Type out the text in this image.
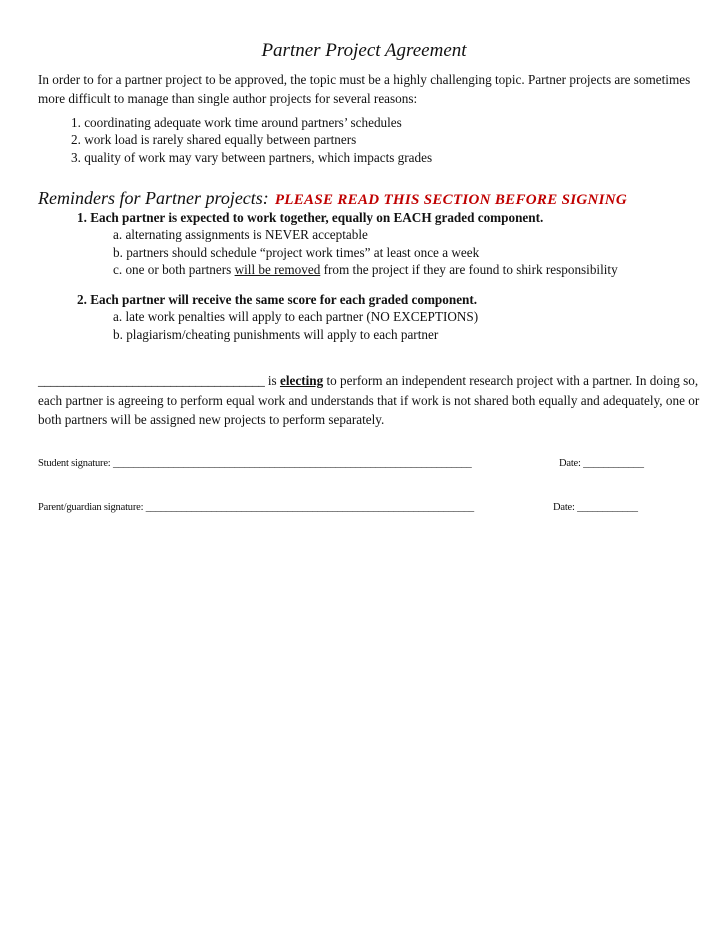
Partner Project Agreement
In order to for a partner project to be approved, the topic must be a highly challenging topic. Partner projects are sometimes more difficult to manage than single author projects for several reasons:
1. coordinating adequate work time around partners’ schedules
2. work load is rarely shared equally between partners
3. quality of work may vary between partners, which impacts grades
Reminders for Partner projects: PLEASE READ THIS SECTION BEFORE SIGNING
1. Each partner is expected to work together, equally on EACH graded component.
a. alternating assignments is NEVER acceptable
b. partners should schedule “project work times” at least once a week
c. one or both partners will be removed from the project if they are found to shirk responsibility
2. Each partner will receive the same score for each graded component.
a. late work penalties will apply to each partner (NO EXCEPTIONS)
b. plagiarism/cheating punishments will apply to each partner
____________________________________ is electing to perform an independent research project with a partner. In doing so, each partner is agreeing to perform equal work and understands that if work is not shared both equally and adequately, one or both partners will be assigned new projects to perform separately.
Student signature: _______________________________________________________________________	Date: ____________
Parent/guardian signature: _________________________________________________________________	Date: ____________
